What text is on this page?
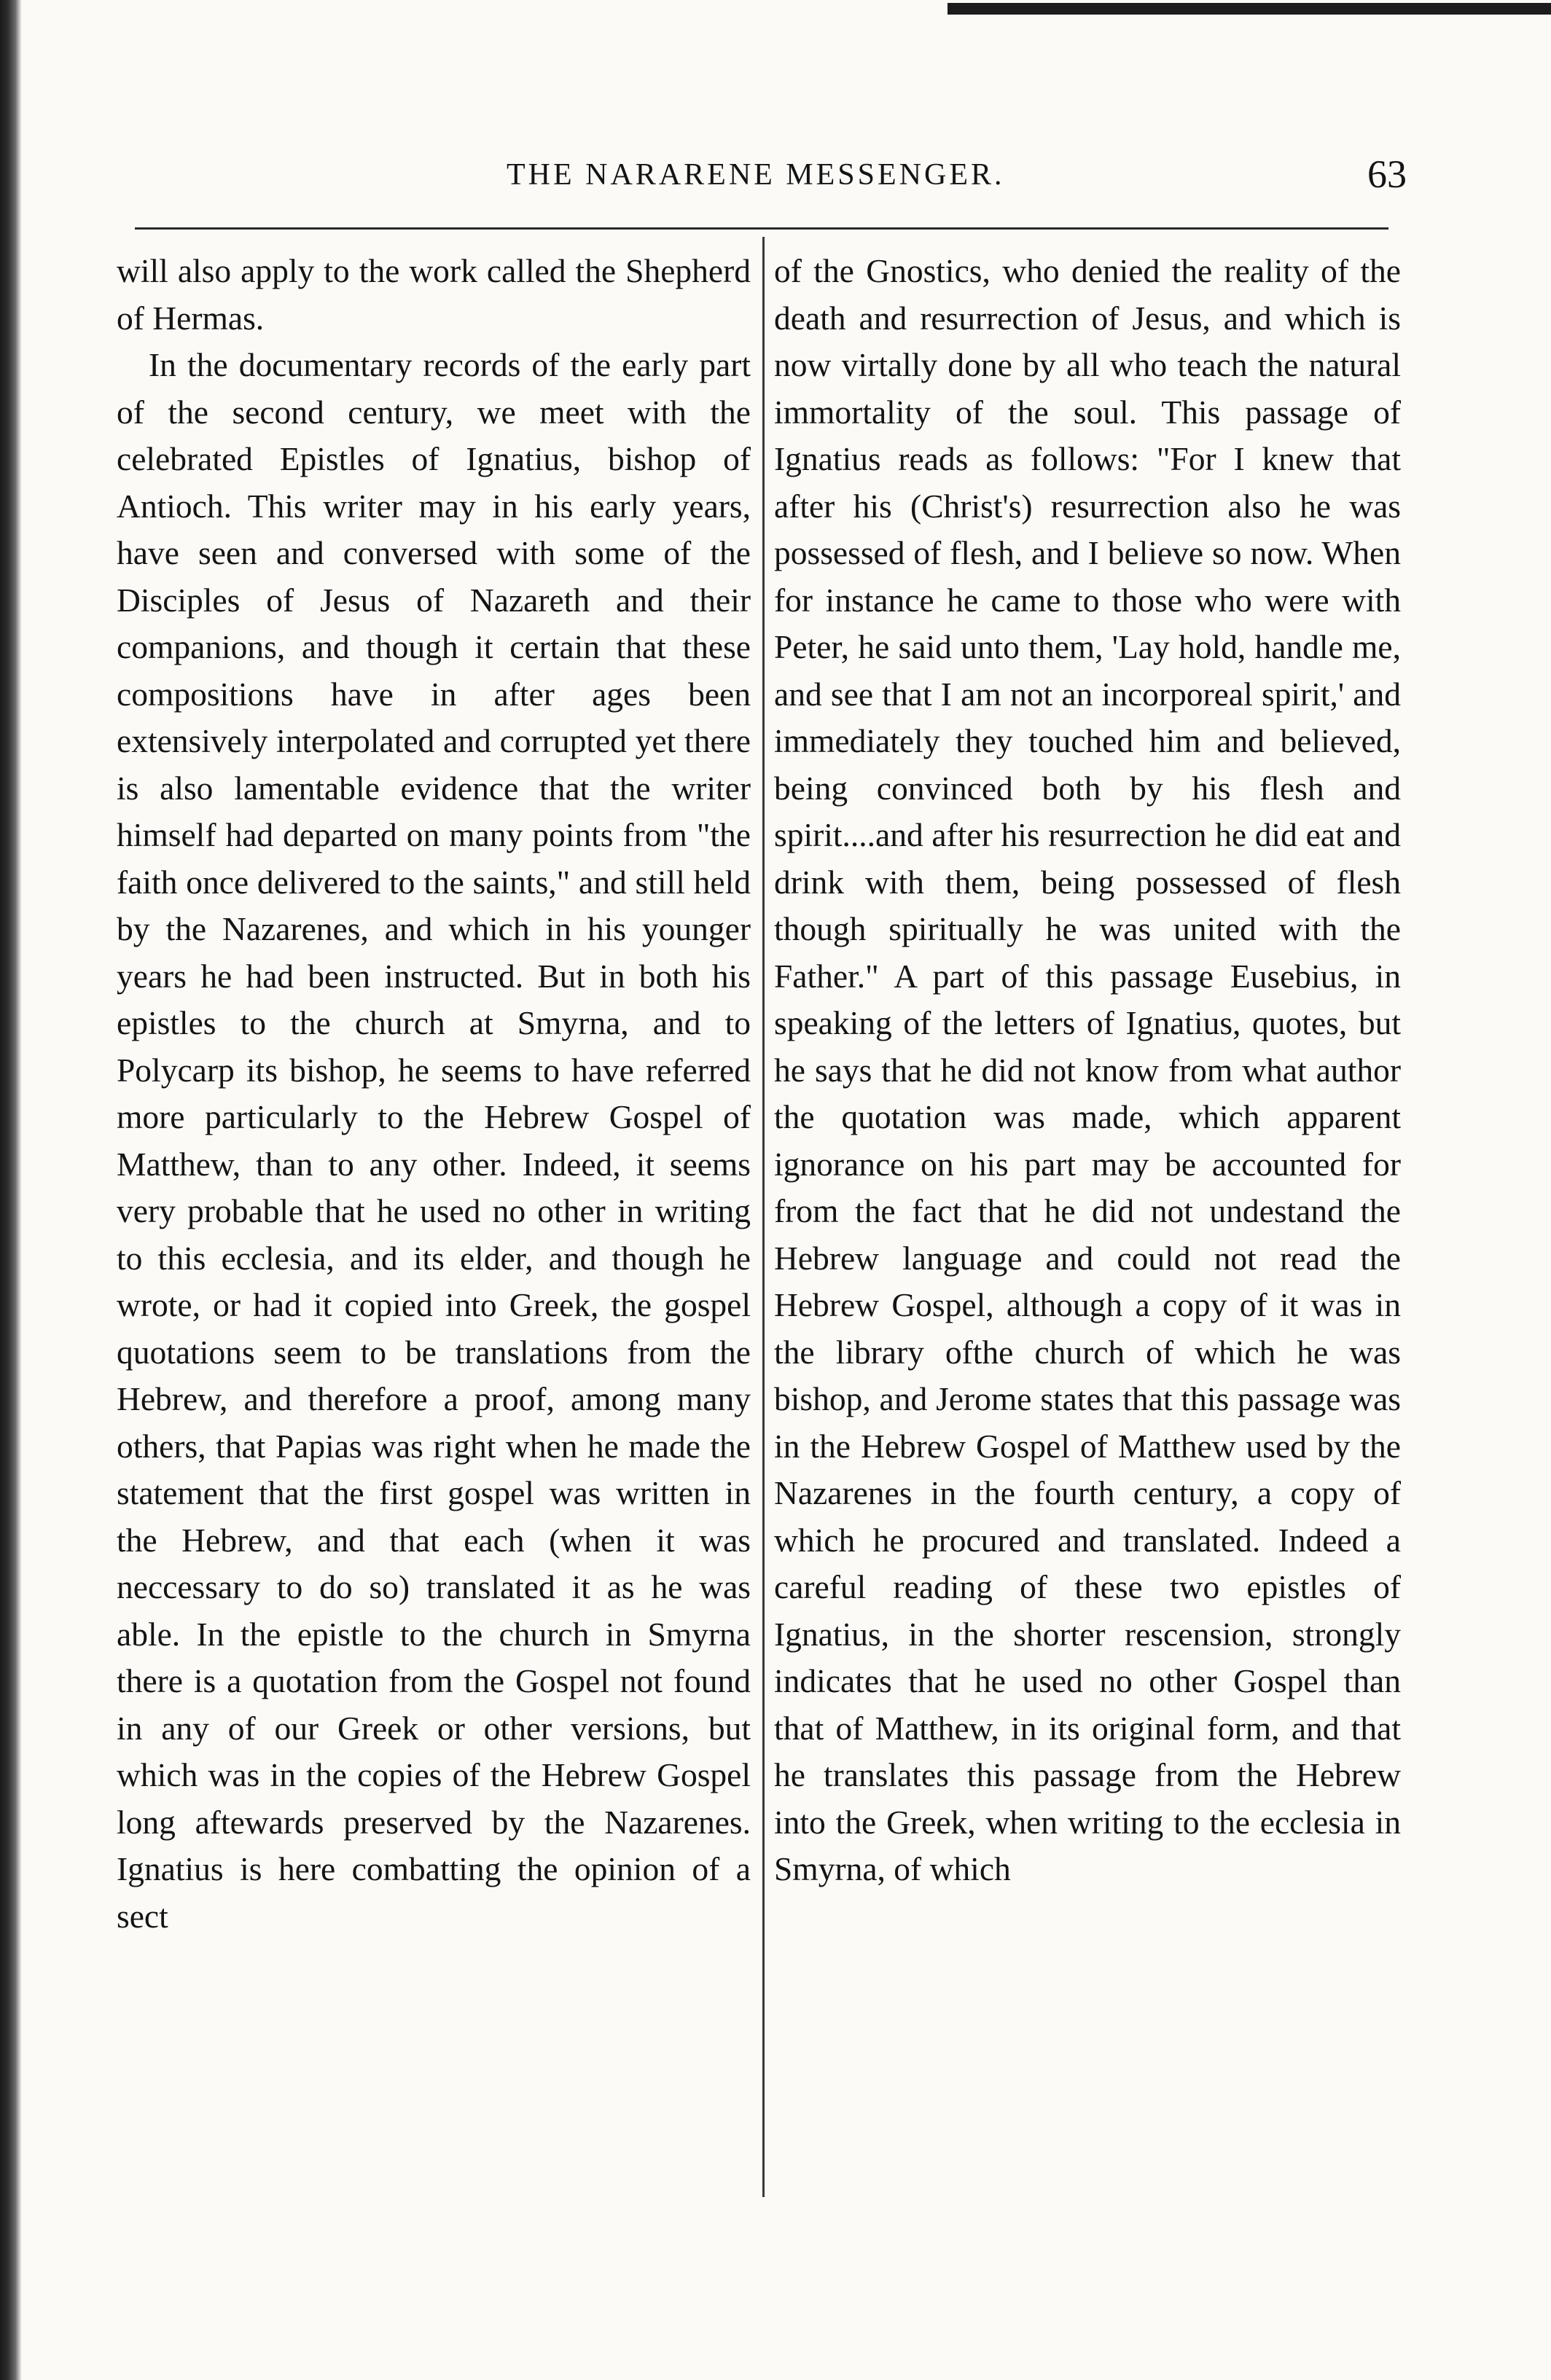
THE NARARENE MESSENGER.	63

will also apply to the work called the Shepherd of Hermas.

In the documentary records of the early part of the second century, we meet with the celebrated Epistles of Ignatius, bishop of Antioch. This writer may in his early years, have seen and conversed with some of the Disciples of Jesus of Nazareth and their companions, and though it certain that these compositions have in after ages been extensively interpolated and corrupted yet there is also lamentable evidence that the writer himself had departed on many points from "the faith once delivered to the saints," and still held by the Nazarenes, and which in his younger years he had been instructed. But in both his epistles to the church at Smyrna, and to Polycarp its bishop, he seems to have referred more particularly to the Hebrew Gospel of Matthew, than to any other. Indeed, it seems very probable that he used no other in writing to this ecclesia, and its elder, and though he wrote, or had it copied into Greek, the gospel quotations seem to be translations from the Hebrew, and therefore a proof, among many others, that Papias was right when he made the statement that the first gospel was written in the Hebrew, and that each (when it was neccessary to do so) translated it as he was able. In the epistle to the church in Smyrna there is a quotation from the Gospel not found in any of our Greek or other versions, but which was in the copies of the Hebrew Gospel long aftewards preserved by the Nazarenes. Ignatius is here combatting the opinion of a sect

of the Gnostics, who denied the reality of the death and resurrection of Jesus, and which is now virtally done by all who teach the natural immortality of the soul. This passage of Ignatius reads as follows: "For I knew that after his (Christ's) resurrection also he was possessed of flesh, and I believe so now. When for instance he came to those who were with Peter, he said unto them, 'Lay hold, handle me, and see that I am not an incorporeal spirit,' and immediately they touched him and believed, being convinced both by his flesh and spirit....and after his resurrection he did eat and drink with them, being possessed of flesh though spiritually he was united with the Father." A part of this passage Eusebius, in speaking of the letters of Ignatius, quotes, but he says that he did not know from what author the quotation was made, which apparent ignorance on his part may be accounted for from the fact that he did not undestand the Hebrew language and could not read the Hebrew Gospel, although a copy of it was in the library ofthe church of which he was bishop, and Jerome states that this passage was in the Hebrew Gospel of Matthew used by the Nazarenes in the fourth century, a copy of which he procured and translated. Indeed a careful reading of these two epistles of Ignatius, in the shorter rescension, strongly indicates that he used no other Gospel than that of Matthew, in its original form, and that he translates this passage from the Hebrew into the Greek, when writing to the ecclesia in Smyrna, of which
